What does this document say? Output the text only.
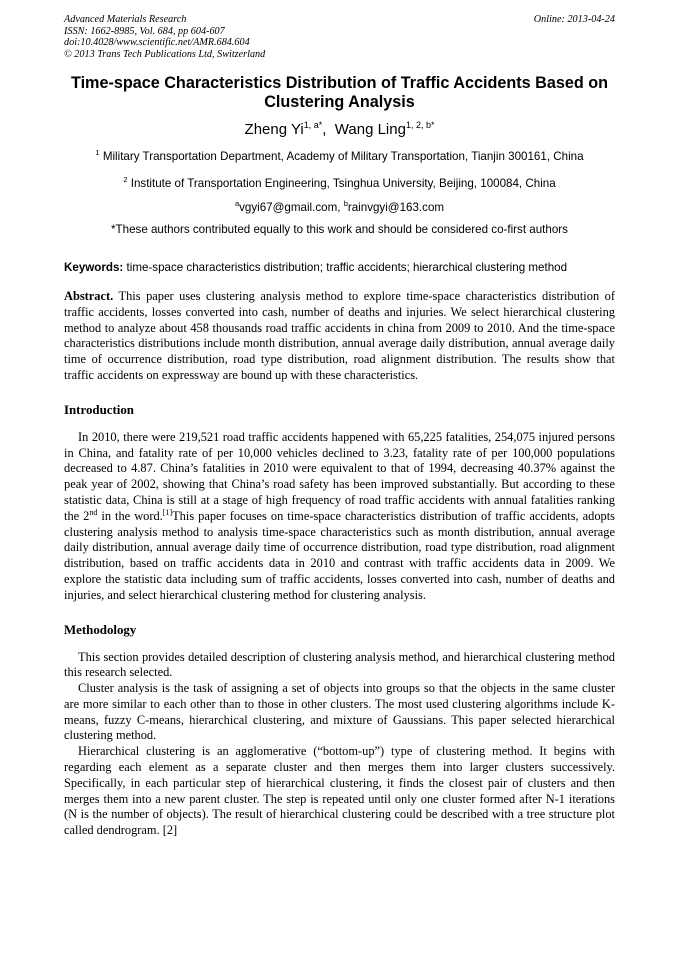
Advanced Materials Research	Online: 2013-04-24
ISSN: 1662-8985, Vol. 684, pp 604-607
doi:10.4028/www.scientific.net/AMR.684.604
© 2013 Trans Tech Publications Ltd, Switzerland
Time-space Characteristics Distribution of Traffic Accidents Based on Clustering Analysis
Zheng $Yi^{1, a*}$,  Wang Ling$^{1, 2, b*}$
$^1$ Military Transportation Department, Academy of Military Transportation, Tianjin 300161, China
$^2$ Institute of Transportation Engineering, Tsinghua University, Beijing, 100084, China
$^a$vgyi67@gmail.com, $^b$rainvgyi@163.com
*These authors contributed equally to this work and should be considered co-first authors
Keywords: time-space characteristics distribution; traffic accidents; hierarchical clustering method
Abstract. This paper uses clustering analysis method to explore time-space characteristics distribution of traffic accidents, losses converted into cash, number of deaths and injuries. We select hierarchical clustering method to analyze about 458 thousands road traffic accidents in china from 2009 to 2010. And the time-space characteristics distributions include month distribution, annual average daily distribution, annual average daily time of occurrence distribution, road type distribution, road alignment distribution. The results show that traffic accidents on expressway are bound up with these characteristics.
Introduction
In 2010, there were 219,521 road traffic accidents happened with 65,225 fatalities, 254,075 injured persons in China, and fatality rate of per 10,000 vehicles declined to 3.23, fatality rate of per 100,000 populations decreased to 4.87. China’s fatalities in 2010 were equivalent to that of 1994, decreasing 40.37% against the peak year of 2002, showing that China’s road safety has been improved substantially. But according to these statistic data, China is still at a stage of high frequency of road traffic accidents with annual fatalities ranking the 2nd in the word.[1]This paper focuses on time-space characteristics distribution of traffic accidents, adopts clustering analysis method to analysis time-space characteristics such as month distribution, annual average daily distribution, annual average daily time of occurrence distribution, road type distribution, road alignment distribution, based on traffic accidents data in 2010 and contrast with traffic accidents data in 2009. We explore the statistic data including sum of traffic accidents, losses converted into cash, number of deaths and injuries, and select hierarchical clustering method for clustering analysis.
Methodology
This section provides detailed description of clustering analysis method, and hierarchical clustering method this research selected.
Cluster analysis is the task of assigning a set of objects into groups so that the objects in the same cluster are more similar to each other than to those in other clusters. The most used clustering algorithms include K-means, fuzzy C-means, hierarchical clustering, and mixture of Gaussians. This paper selected hierarchical clustering method.
Hierarchical clustering is an agglomerative (“bottom-up”) type of clustering method. It begins with regarding each element as a separate cluster and then merges them into larger clusters successively. Specifically, in each particular step of hierarchical clustering, it finds the closest pair of clusters and then merges them into a new parent cluster. The step is repeated until only one cluster formed after N-1 iterations (N is the number of objects). The result of hierarchical clustering could be described with a tree structure plot called dendrogram. [2]
